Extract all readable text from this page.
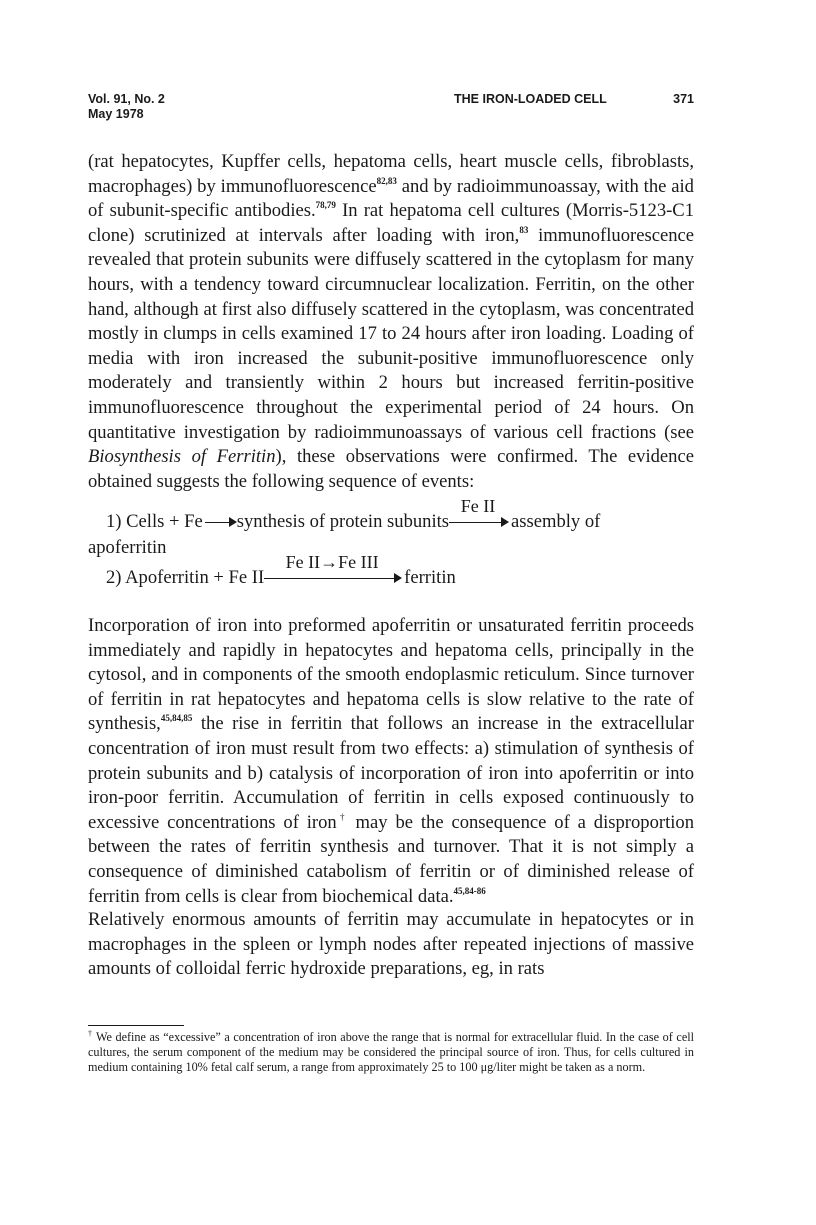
Vol. 91, No. 2
May 1978
THE IRON-LOADED CELL	371
(rat hepatocytes, Kupffer cells, hepatoma cells, heart muscle cells, fibroblasts, macrophages) by immunofluorescence$^{82,83}$ and by radioimmunoassay, with the aid of subunit-specific antibodies.$^{78,79}$ In rat hepatoma cell cultures (Morris-5123-C1 clone) scrutinized at intervals after loading with iron,$^{83}$ immunofluorescence revealed that protein subunits were diffusely scattered in the cytoplasm for many hours, with a tendency toward circumnuclear localization. Ferritin, on the other hand, although at first also diffusely scattered in the cytoplasm, was concentrated mostly in clumps in cells examined 17 to 24 hours after iron loading. Loading of media with iron increased the subunit-positive immunofluorescence only moderately and transiently within 2 hours but increased ferritin-positive immunofluorescence throughout the experimental period of 24 hours. On quantitative investigation by radioimmunoassays of various cell fractions (see Biosynthesis of Ferritin), these observations were confirmed. The evidence obtained suggests the following sequence of events:
1) Cells + Fe synthesis of protein subunits
Fe II
assembly of
apoferritin
2) Apoferritin + Fe II
Fe II→Fe III
ferritin
Incorporation of iron into preformed apoferritin or unsaturated ferritin proceeds immediately and rapidly in hepatocytes and hepatoma cells, principally in the cytosol, and in components of the smooth endoplasmic reticulum. Since turnover of ferritin in rat hepatocytes and hepatoma cells is slow relative to the rate of synthesis,$^{45,84,85}$ the rise in ferritin that follows an increase in the extracellular concentration of iron must result from two effects: a) stimulation of synthesis of protein subunits and b) catalysis of incorporation of iron into apoferritin or into iron-poor ferritin. Accumulation of ferritin in cells exposed continuously to excessive concentrations of iron† may be the consequence of a disproportion between the rates of ferritin synthesis and turnover. That it is not simply a consequence of diminished catabolism of ferritin or of diminished release of ferritin from cells is clear from biochemical data.$^{45,84-86}$
Relatively enormous amounts of ferritin may accumulate in hepatocytes or in macrophages in the spleen or lymph nodes after repeated injections of massive amounts of colloidal ferric hydroxide preparations, eg, in rats
† We define as “excessive” a concentration of iron above the range that is normal for extracellular fluid. In the case of cell cultures, the serum component of the medium may be considered the principal source of iron. Thus, for cells cultured in medium containing 10% fetal calf serum, a range from approximately 25 to 100 μg/liter might be taken as a norm.
